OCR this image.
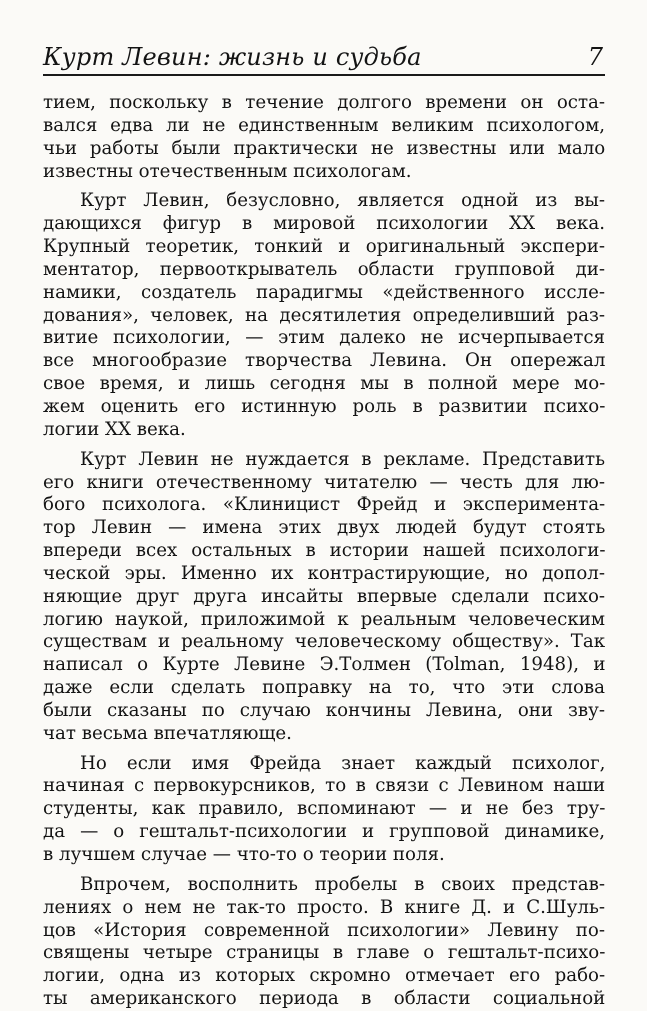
Курт Левин: жизнь и судьба	7

тием, поскольку в течение долгого времени он оста-
вался едва ли не единственным великим психологом,
чьи работы были практически не известны или мало
известны отечественным психологам.

Курт Левин, безусловно, является одной из вы-
дающихся фигур в мировой психологии XX века.
Крупный теоретик, тонкий и оригинальный экспери-
ментатор, первооткрыватель области групповой ди-
намики, создатель парадигмы «действенного иссле-
дования», человек, на десятилетия определивший раз-
витие психологии, — этим далеко не исчерпывается
все многообразие творчества Левина. Он опережал
свое время, и лишь сегодня мы в полной мере мо-
жем оценить его истинную роль в развитии психо-
логии XX века.

Курт Левин не нуждается в рекламе. Представить
его книги отечественному читателю — честь для лю-
бого психолога. «Клиницист Фрейд и эксперимента-
тор Левин — имена этих двух людей будут стоять
впереди всех остальных в истории нашей психологи-
ческой эры. Именно их контрастирующие, но допол-
няющие друг друга инсайты впервые сделали психо-
логию наукой, приложимой к реальным человеческим
существам и реальному человеческому обществу». Так
написал о Курте Левине Э.Толмен (Tolman, 1948), и
даже если сделать поправку на то, что эти слова
были сказаны по случаю кончины Левина, они зву-
чат весьма впечатляюще.

Но если имя Фрейда знает каждый психолог,
начиная с первокурсников, то в связи с Левином наши
студенты, как правило, вспоминают — и не без тру-
да — о гештальт-психологии и групповой динамике,
в лучшем случае — что-то о теории поля.

Впрочем, восполнить пробелы в своих представ-
лениях о нем не так-то просто. В книге Д. и С.Шуль-
цов «История современной психологии» Левину по-
священы четыре страницы в главе о гештальт-психо-
логии, одна из которых скромно отмечает его рабо-
ты американского периода в области социальной
